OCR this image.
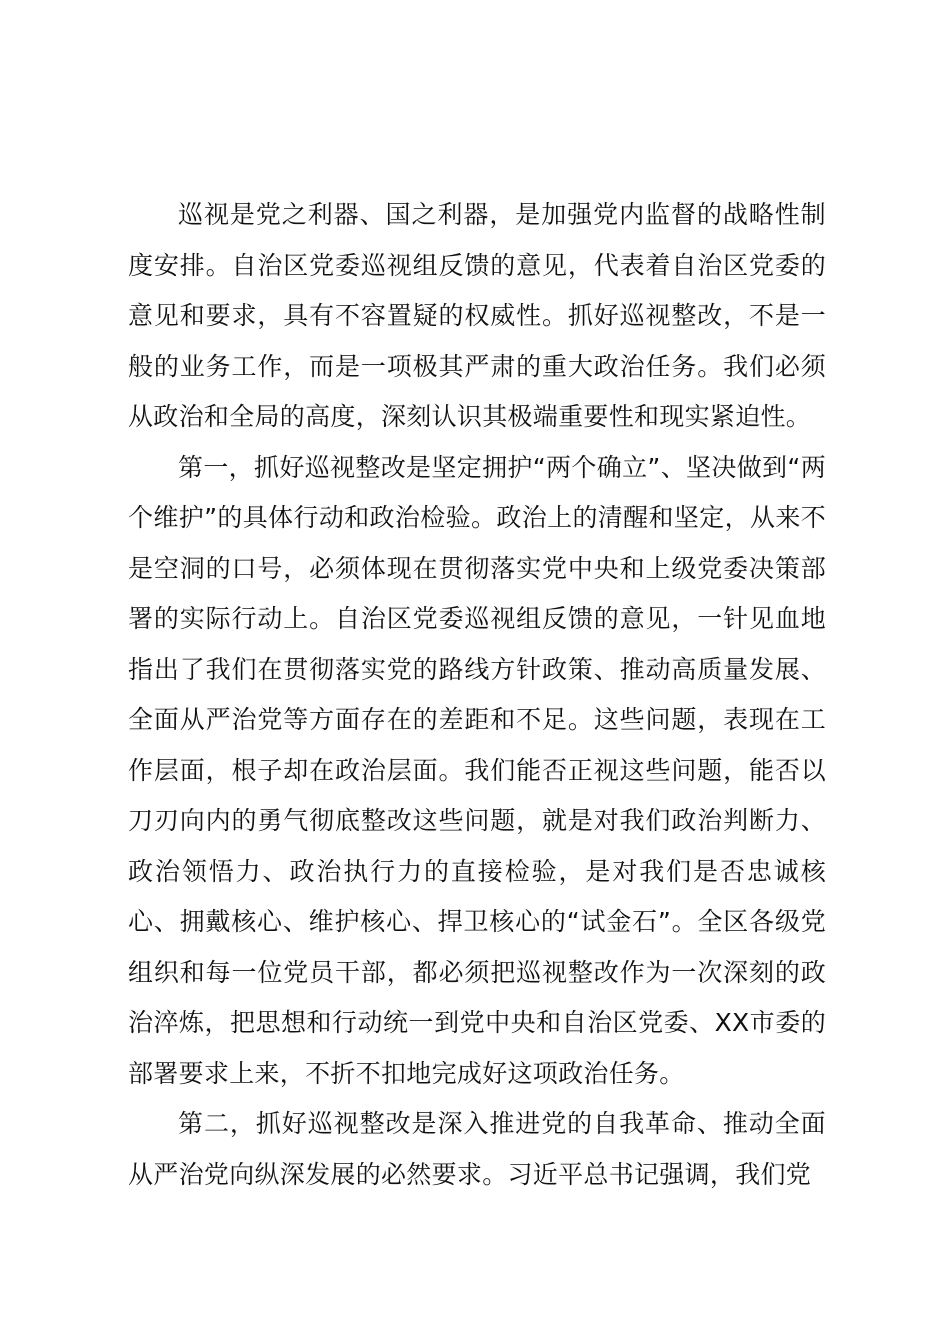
巡视是党之利器、国之利器，是加强党内监督的战略性制度安排。自治区党委巡视组反馈的意见，代表着自治区党委的意见和要求，具有不容置疑的权威性。抓好巡视整改，不是一般的业务工作，而是一项极其严肃的重大政治任务。我们必须从政治和全局的高度，深刻认识其极端重要性和现实紧迫性。

第一，抓好巡视整改是坚定拥护“两个确立”、坚决做到“两个维护”的具体行动和政治检验。政治上的清醒和坚定，从来不是空洞的口号，必须体现在贯彻落实党中央和上级党委决策部署的实际行动上。自治区党委巡视组反馈的意见，一针见血地指出了我们在贯彻落实党的路线方针政策、推动高质量发展、全面从严治党等方面存在的差距和不足。这些问题，表现在工作层面，根子却在政治层面。我们能否正视这些问题，能否以刀刃向内的勇气彻底整改这些问题，就是对我们政治判断力、政治领悟力、政治执行力的直接检验，是对我们是否忠诚核心、拥戴核心、维护核心、捍卫核心的“试金石”。全区各级党组织和每一位党员干部，都必须把巡视整改作为一次深刻的政治淬炼，把思想和行动统一到党中央和自治区党委、XX市委的部署要求上来，不折不扣地完成好这项政治任务。

第二，抓好巡视整改是深入推进党的自我革命、推动全面从严治党向纵深发展的必然要求。习近平总书记强调，我们党
